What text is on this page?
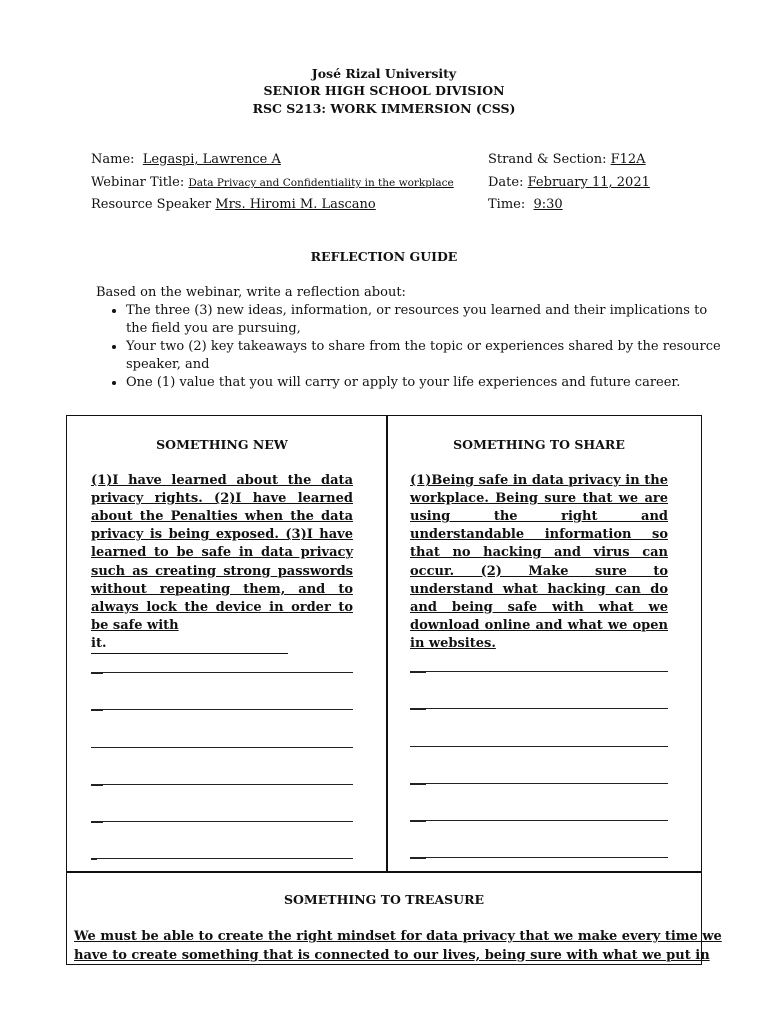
José Rizal University
SENIOR HIGH SCHOOL DIVISION
RSC S213: WORK IMMERSION (CSS)
Name: Legaspi, Lawrence A
Webinar Title: Data Privacy and Confidentiality in the workplace
Resource Speaker Mrs. Hiromi M. Lascano
Strand & Section: F12A
Date: February 11, 2021
Time: 9:30
REFLECTION GUIDE
Based on the webinar, write a reflection about:
• The three (3) new ideas, information, or resources you learned and their implications to the field you are pursuing,
• Your two (2) key takeaways to share from the topic or experiences shared by the resource speaker, and
• One (1) value that you will carry or apply to your life experiences and future career.
SOMETHING NEW
(1)I have learned about the data privacy rights. (2)I have learned about the Penalties when the data privacy is being exposed. (3)I have learned to be safe in data privacy such as creating strong passwords without repeating them, and to always lock the device in order to be safe with
it.
SOMETHING TO SHARE
(1)Being safe in data privacy in the workplace. Being sure that we are using the right and understandable information so that no hacking and virus can occur. (2) Make sure to understand what hacking can do and being safe with what we download online and what we open in websites.
SOMETHING TO TREASURE
We must be able to create the right mindset for data privacy that we make every time we
have to create something that is connected to our lives, being sure with what we put in
